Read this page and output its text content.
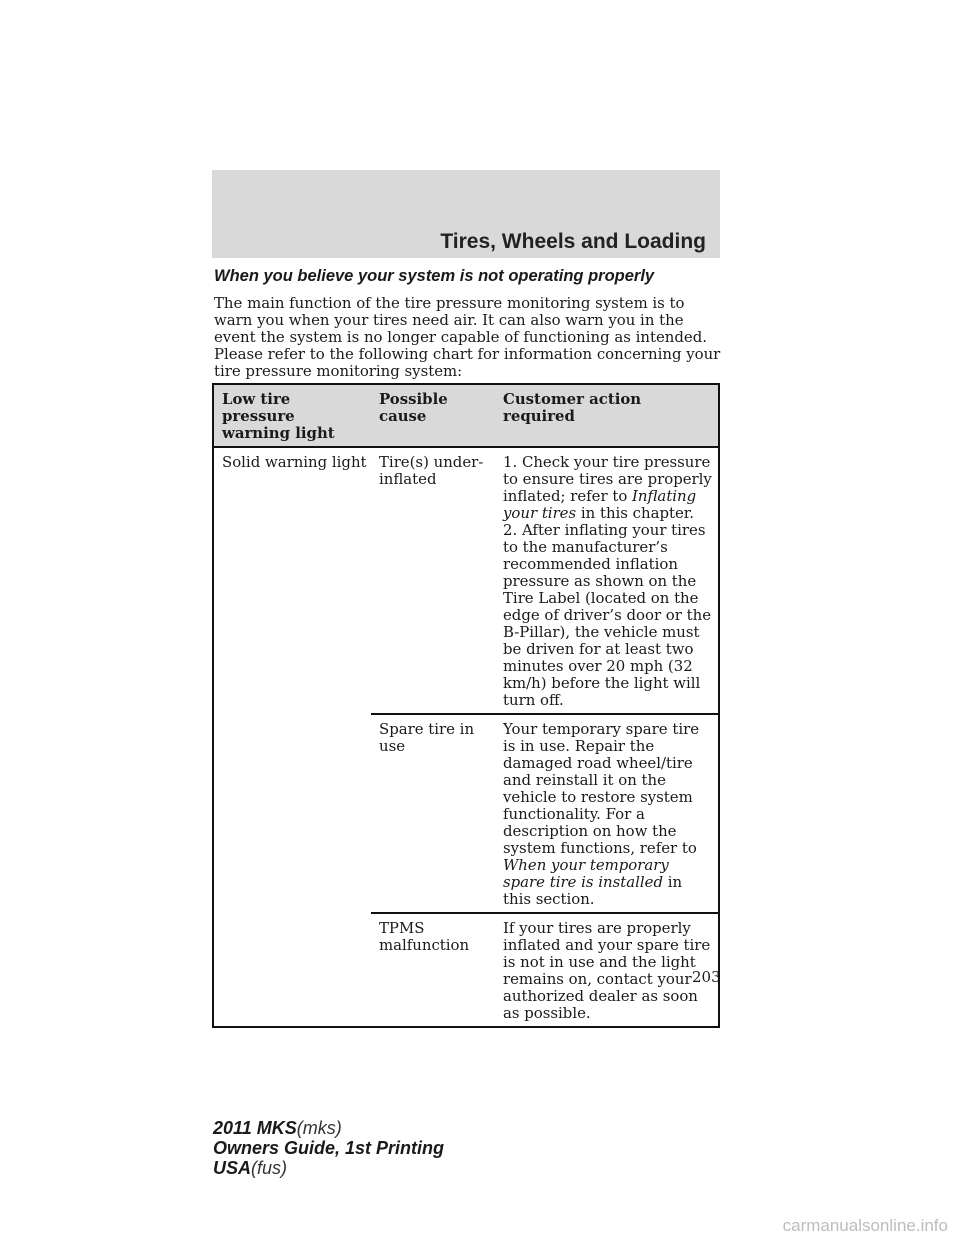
Tires, Wheels and Loading
When you believe your system is not operating properly

The main function of the tire pressure monitoring system is to warn you when your tires need air. It can also warn you in the event the system is no longer capable of functioning as intended. Please refer to the following chart for information concerning your tire pressure monitoring system:

Low tire pressure warning light	Possible cause	Customer action required
Solid warning light	Tire(s) under-inflated	1. Check your tire pressure to ensure tires are properly inflated; refer to Inflating your tires in this chapter.
2. After inflating your tires to the manufacturer’s recommended inflation pressure as shown on the Tire Label (located on the edge of driver’s door or the B-Pillar), the vehicle must be driven for at least two minutes over 20 mph (32 km/h) before the light will turn off.

	Spare tire in use	Your temporary spare tire is in use. Repair the damaged road wheel/tire and reinstall it on the vehicle to restore system functionality. For a description on how the system functions, refer to When your temporary spare tire is installed in this section.
	TPMS malfunction	If your tires are properly inflated and your spare tire is not in use and the light remains on, contact your authorized dealer as soon as possible.
203
2011 MKS(mks)
Owners Guide, 1st Printing
USA(fus)
carmanualsonline.info
